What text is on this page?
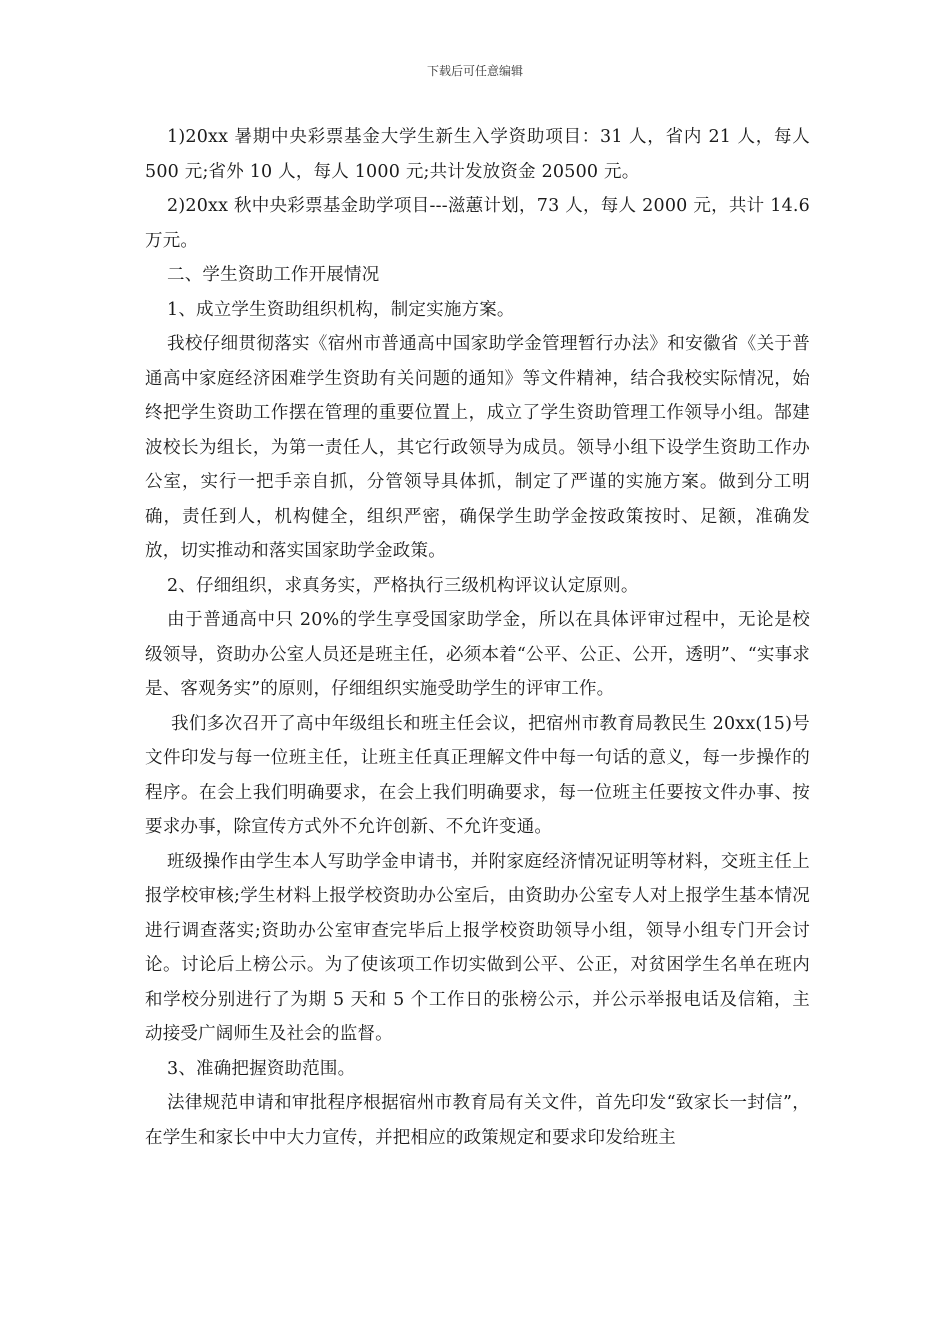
下载后可任意编辑

1)20xx 暑期中央彩票基金大学生新生入学资助项目：31 人，省内 21 人，每人 500 元;省外 10 人，每人 1000 元;共计发放资金 20500 元。

2)20xx 秋中央彩票基金助学项目---滋蕙计划，73 人，每人 2000 元，共计 14.6 万元。

二、学生资助工作开展情况

1、成立学生资助组织机构，制定实施方案。

我校仔细贯彻落实《宿州市普通高中国家助学金管理暂行办法》和安徽省《关于普通高中家庭经济困难学生资助有关问题的通知》等文件精神，结合我校实际情况，始终把学生资助工作摆在管理的重要位置上，成立了学生资助管理工作领导小组。郜建波校长为组长，为第一责任人，其它行政领导为成员。领导小组下设学生资助工作办公室，实行一把手亲自抓，分管领导具体抓，制定了严谨的实施方案。做到分工明确，责任到人，机构健全，组织严密，确保学生助学金按政策按时、足额，准确发放，切实推动和落实国家助学金政策。

2、仔细组织，求真务实，严格执行三级机构评议认定原则。

由于普通高中只 20%的学生享受国家助学金，所以在具体评审过程中，无论是校级领导，资助办公室人员还是班主任，必须本着“公平、公正、公开，透明”、“实事求是、客观务实”的原则，仔细组织实施受助学生的评审工作。

我们多次召开了高中年级组长和班主任会议，把宿州市教育局教民生 20xx(15)号文件印发与每一位班主任，让班主任真正理解文件中每一句话的意义，每一步操作的程序。在会上我们明确要求，在会上我们明确要求，每一位班主任要按文件办事、按要求办事，除宣传方式外不允许创新、不允许变通。

班级操作由学生本人写助学金申请书，并附家庭经济情况证明等材料，交班主任上报学校审核;学生材料上报学校资助办公室后，由资助办公室专人对上报学生基本情况进行调查落实;资助办公室审查完毕后上报学校资助领导小组，领导小组专门开会讨论。讨论后上榜公示。为了使该项工作切实做到公平、公正，对贫困学生名单在班内和学校分别进行了为期 5 天和 5 个工作日的张榜公示，并公示举报电话及信箱，主动接受广阔师生及社会的监督。

3、准确把握资助范围。

法律规范申请和审批程序根据宿州市教育局有关文件，首先印发“致家长一封信”，在学生和家长中中大力宣传，并把相应的政策规定和要求印发给班主
